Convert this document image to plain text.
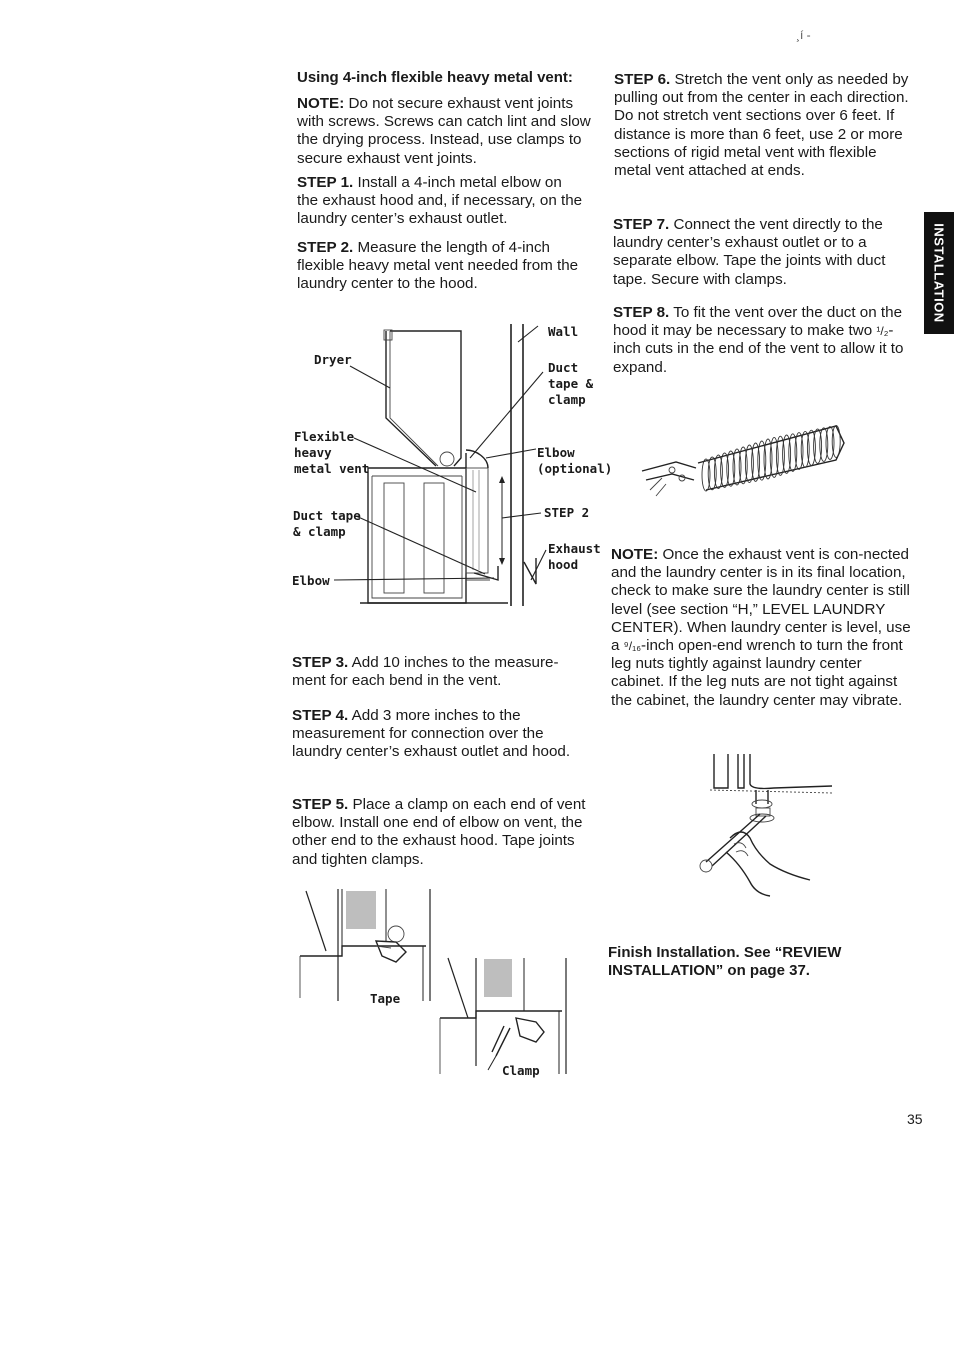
¸í -
INSTALLATION
Using 4-inch flexible heavy metal vent:
NOTE: Do not secure exhaust vent joints with screws. Screws can catch lint and slow the drying process. Instead, use clamps to secure exhaust vent joints.
STEP 1. Install a 4-inch metal elbow on the exhaust hood and, if necessary, on the laundry center’s exhaust outlet.
STEP 2. Measure the length of 4-inch flexible heavy metal vent needed from the laundry center to the hood.
Dryer
Flexible
heavy
metal vent
Duct tape
& clamp
Elbow
Wall
Duct
tape &
clamp
Elbow
(optional)
STEP 2
Exhaust
hood
STEP 3. Add 10 inches to the measure-ment for each bend in the vent.
STEP 4. Add 3 more inches to the measurement for connection over the laundry center’s exhaust outlet and hood.
STEP 5. Place a clamp on each end of vent elbow. Install one end of elbow on vent, the other end to the exhaust hood. Tape joints and tighten clamps.
Tape
Clamp
STEP 6. Stretch the vent only as needed by pulling out from the center in each direction. Do not stretch vent sections over 6 feet. If distance is more than 6 feet, use 2 or more sections of rigid metal vent with flexible metal vent attached at ends.
STEP 7. Connect the vent directly to the laundry center’s exhaust outlet or to a separate elbow. Tape the joints with duct tape. Secure with clamps.
STEP 8. To fit the vent over the duct on the hood it may be necessary to make two ¹/₂-inch cuts in the end of the vent to allow it to expand.
NOTE: Once the exhaust vent is con-nected and the laundry center is in its final location, check to make sure the laundry center is still level (see section “H,” LEVEL LAUNDRY CENTER). When laundry center is level, use a ⁹/₁₆-inch open-end wrench to turn the front leg nuts tightly against laundry center cabinet. If the leg nuts are not tight against the cabinet, the laundry center may vibrate.
Finish Installation. See “REVIEW INSTALLATION” on page 37.
35
